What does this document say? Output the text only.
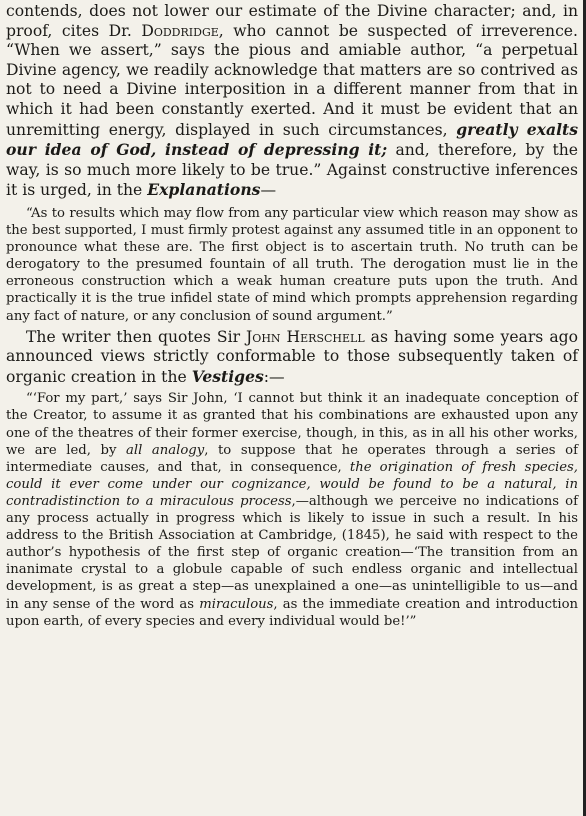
contends, does not lower our estimate of the Divine character; and, in proof, cites Dr. Doddridge, who cannot be suspected of irreverence. “When we assert,” says the pious and amiable author, “a perpetual Divine agency, we readily acknowledge that matters are so contrived as not to need a Divine interposition in a different manner from that in which it had been constantly exerted. And it must be evident that an unremitting energy, displayed in such circumstances, greatly exalts our idea of God, instead of depressing it; and, therefore, by the way, is so much more likely to be true.” Against constructive inferences it is urged, in the Explanations—

“As to results which may flow from any particular view which reason may show as the best supported, I must firmly protest against any assumed title in an opponent to pronounce what these are. The first object is to ascertain truth. No truth can be derogatory to the presumed fountain of all truth. The derogation must lie in the erroneous construction which a weak human creature puts upon the truth. And practically it is the true infidel state of mind which prompts apprehension regarding any fact of nature, or any conclusion of sound argument.”

The writer then quotes Sir John Herschell as having some years ago announced views strictly conformable to those subsequently taken of organic creation in the Vestiges:—

“‘For my part,’ says Sir John, ‘I cannot but think it an inadequate conception of the Creator, to assume it as granted that his combinations are exhausted upon any one of the theatres of their former exercise, though, in this, as in all his other works, we are led, by all analogy, to suppose that he operates through a series of intermediate causes, and that, in consequence, the origination of fresh species, could it ever come under our cognizance, would be found to be a natural, in contradistinction to a miraculous process,—although we perceive no indications of any process actually in progress which is likely to issue in such a result. In his address to the British Association at Cambridge, (1845), he said with respect to the author’s hypothesis of the first step of organic creation—‘The transition from an inanimate crystal to a globule capable of such endless organic and intellectual development, is as great a step—as unexplained a one—as unintelligible to us—and in any sense of the word as miraculous, as the immediate creation and introduction upon earth, of every species and every individual would be!’”
